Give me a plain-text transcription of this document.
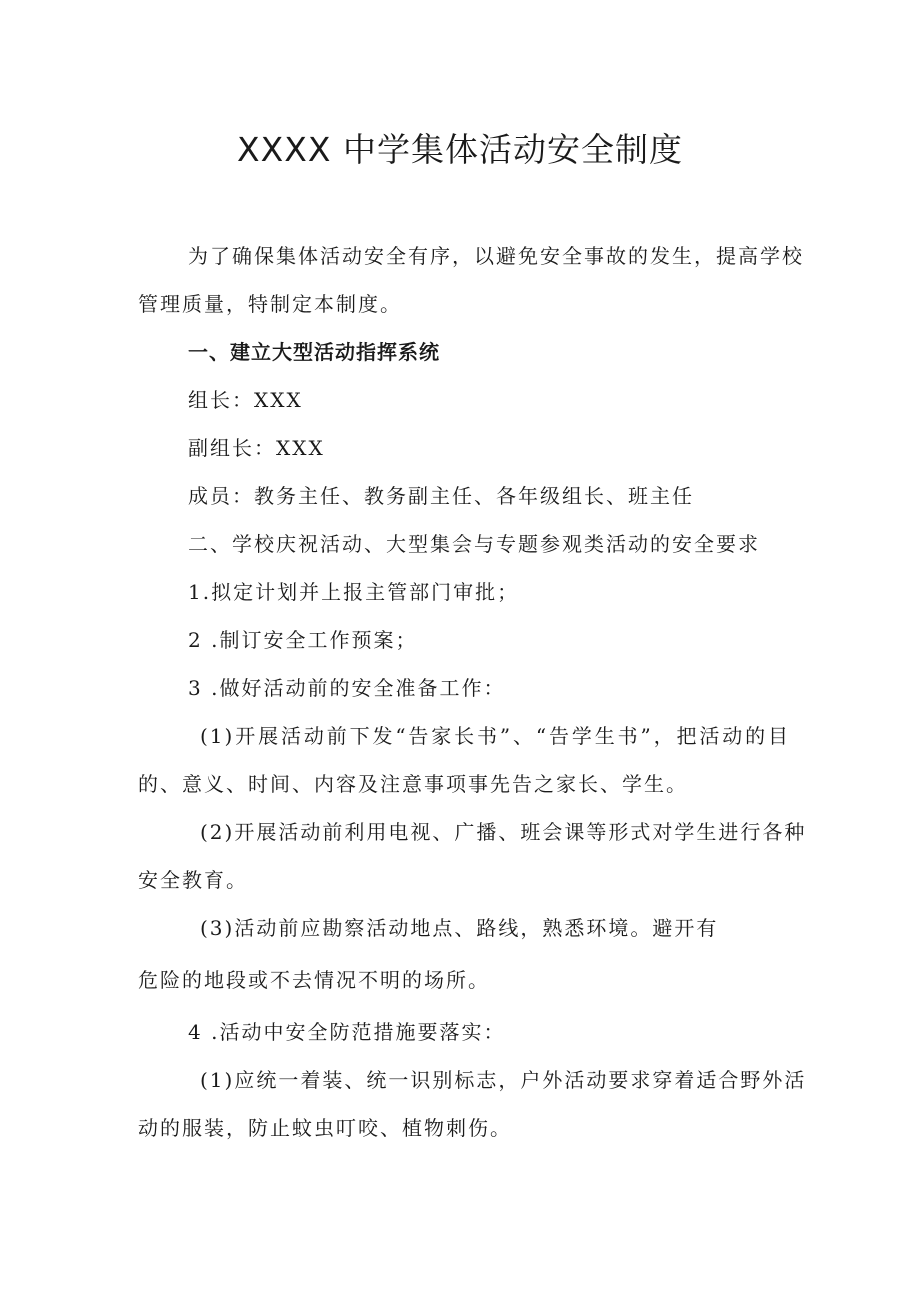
XXXX 中学集体活动安全制度
为了确保集体活动安全有序，以避免安全事故的发生，提高学校
管理质量，特制定本制度。
一、建立大型活动指挥系统
组长：XXX
副组长：XXX
成员：教务主任、教务副主任、各年级组长、班主任
二、学校庆祝活动、大型集会与专题参观类活动的安全要求
1.拟定计划并上报主管部门审批；
2 .制订安全工作预案；
3 .做好活动前的安全准备工作：
(1)开展活动前下发“告家长书”、“告学生书”，把活动的目
的、意义、时间、内容及注意事项事先告之家长、学生。
(2)开展活动前利用电视、广播、班会课等形式对学生进行各种
安全教育。
(3)活动前应勘察活动地点、路线，熟悉环境。避开有
危险的地段或不去情况不明的场所。
4 .活动中安全防范措施要落实：
(1)应统一着装、统一识别标志，户外活动要求穿着适合野外活
动的服装，防止蚊虫叮咬、植物刺伤。
